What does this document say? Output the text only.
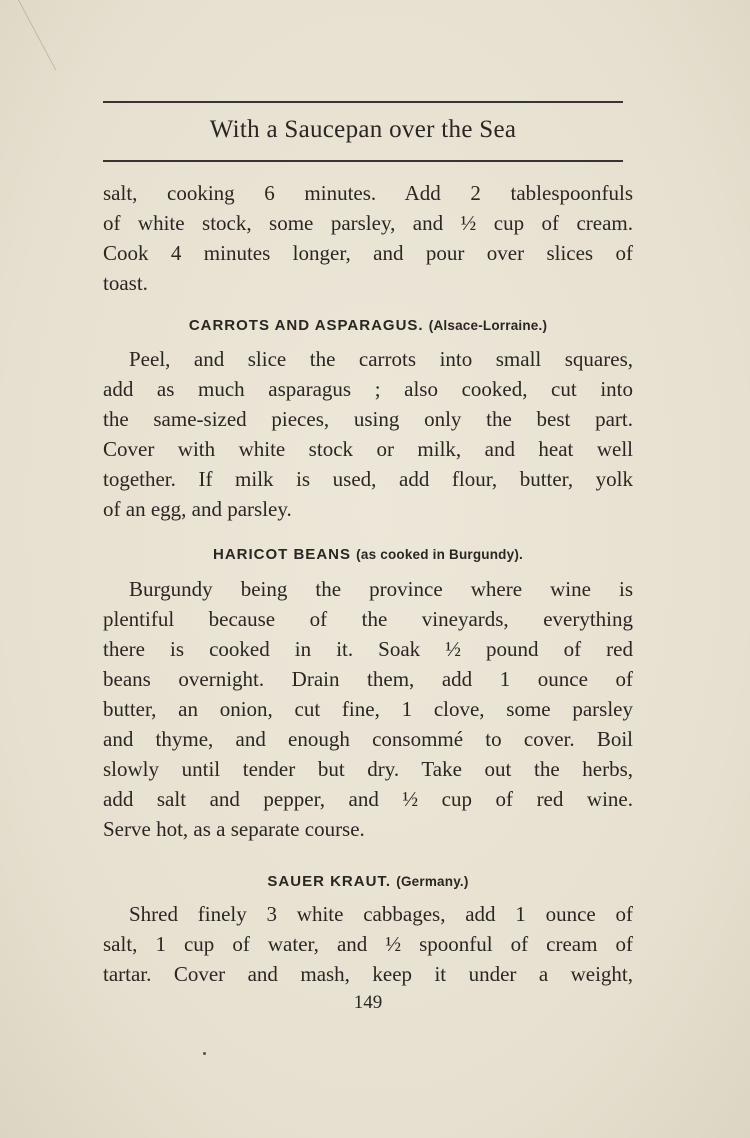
With a Saucepan over the Sea

salt, cooking 6 minutes. Add 2 tablespoonfuls
of white stock, some parsley, and ½ cup of cream.
Cook 4 minutes longer, and pour over slices of
toast.

CARROTS AND ASPARAGUS. (Alsace-Lorraine.)

Peel, and slice the carrots into small squares,
add as much asparagus ; also cooked, cut into
the same-sized pieces, using only the best part.
Cover with white stock or milk, and heat well
together. If milk is used, add flour, butter, yolk
of an egg, and parsley.

HARICOT BEANS (as cooked in Burgundy).

Burgundy being the province where wine is
plentiful because of the vineyards, everything
there is cooked in it. Soak ½ pound of red
beans overnight. Drain them, add 1 ounce of
butter, an onion, cut fine, 1 clove, some parsley
and thyme, and enough consommé to cover. Boil
slowly until tender but dry. Take out the herbs,
add salt and pepper, and ½ cup of red wine.
Serve hot, as a separate course.

SAUER KRAUT. (Germany.)

Shred finely 3 white cabbages, add 1 ounce of
salt, 1 cup of water, and ½ spoonful of cream of
tartar. Cover and mash, keep it under a weight,

149
